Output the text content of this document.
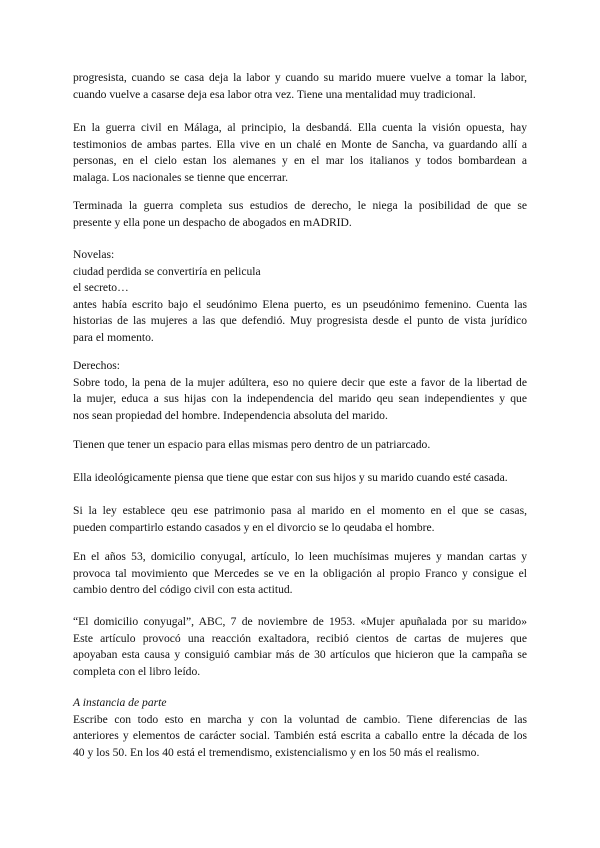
progresista, cuando se casa deja la labor y cuando su marido muere vuelve a tomar la labor,
cuando vuelve a casarse deja esa labor otra vez. Tiene una mentalidad muy tradicional.
En la guerra civil en Málaga, al principio, la desbandá. Ella cuenta la visión opuesta, hay
testimonios de ambas partes. Ella vive en un chalé en Monte de Sancha, va guardando allí a
personas, en el cielo estan los alemanes y en el mar los italianos y todos bombardean a
malaga. Los nacionales se tienne que encerrar.
Terminada la guerra completa sus estudios de derecho, le niega la posibilidad de que se
presente y ella pone un despacho de abogados en mADRID.
Novelas:
ciudad perdida se convertiría en pelicula
el secreto…
antes había escrito bajo el seudónimo Elena puerto, es un pseudónimo femenino. Cuenta las
historias de las mujeres a las que defendió. Muy progresista desde el punto de vista jurídico
para el momento.
Derechos:
Sobre todo, la pena de la mujer adúltera, eso no quiere decir que este a favor de la libertad de
la mujer, educa a sus hijas con la independencia del marido qeu sean independientes y que
nos sean propiedad del hombre. Independencia absoluta del marido.
Tienen que tener un espacio para ellas mismas pero dentro de un patriarcado.
Ella ideológicamente piensa que tiene que estar con sus hijos y su marido cuando esté casada.
Si la ley establece qeu ese patrimonio pasa al marido en el momento en el que se casas,
pueden compartirlo estando casados y en el divorcio se lo qeudaba el hombre.
En el años 53, domicilio conyugal, artículo, lo leen muchísimas mujeres y mandan cartas y
provoca tal movimiento que Mercedes se ve en la obligación al propio Franco y consigue el
cambio dentro del código civil con esta actitud.
“El domicilio conyugal”, ABC, 7 de noviembre de 1953. «Mujer apuñalada por su marido»
Este artículo provocó una reacción exaltadora, recibió cientos de cartas de mujeres que
apoyaban esta causa y consiguió cambiar más de 30 artículos que hicieron que la campaña se
completa con el libro leído.
A instancia de parte
Escribe con todo esto en marcha y con la voluntad de cambio. Tiene diferencias de las
anteriores y elementos de carácter social. También está escrita a caballo entre la década de los
40 y los 50. En los 40 está el tremendismo, existencialismo y en los 50 más el realismo.
